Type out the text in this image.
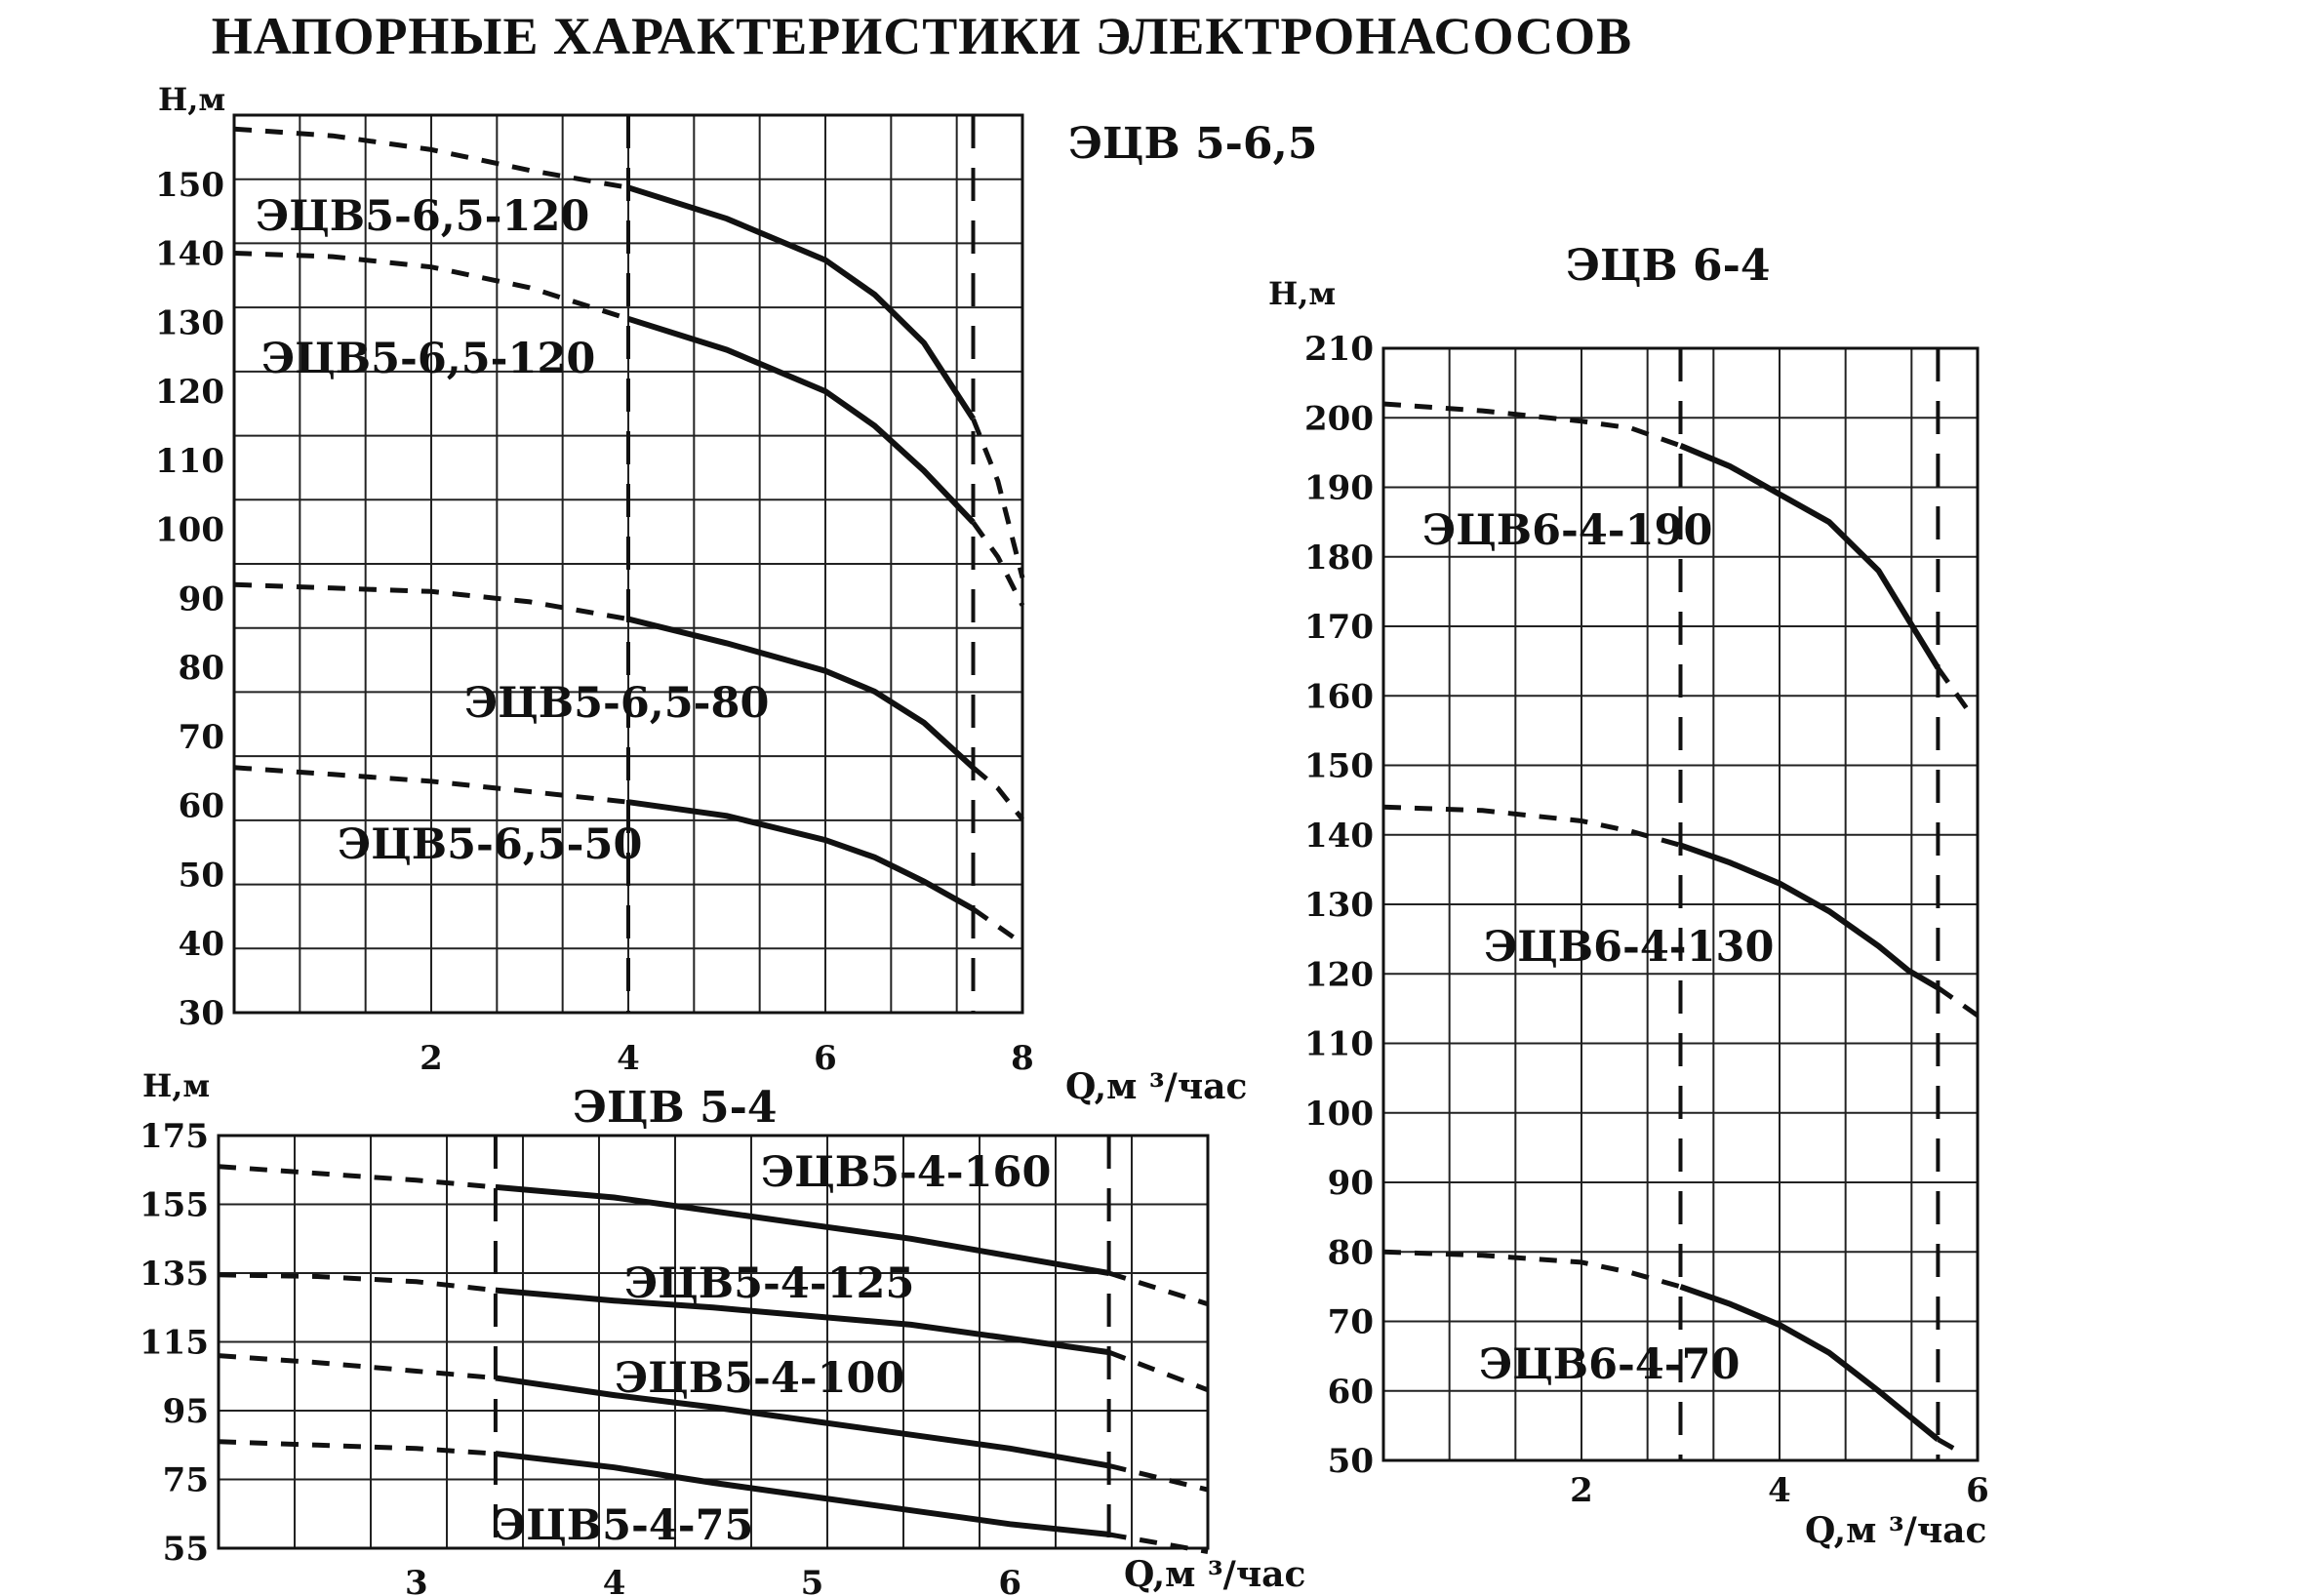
НАПОРНЫЕ ХАРАКТЕРИСТИКИ ЭЛЕКТРОНАСОСОВ
30
40
50
60
70
80
90
100
110
120
130
140
150
2	4	6	8
Н,м
Q,м ³/час
ЭЦВ 5-6,5
ЭЦВ5-6,5-120
ЭЦВ5-6,5-120
ЭЦВ5-6,5-80
ЭЦВ5-6,5-50
50
60
70
80
90
100
110
120
130
140
150
160
170
180
190
200
210
2	4	6
Н,м
Q,м ³/час
ЭЦВ 6-4
ЭЦВ6-4-190
ЭЦВ6-4-130
ЭЦВ6-4-70
55
75
95
115
135
155
175
3	4	5	6
Н,м
Q,м ³/час
ЭЦВ 5-4
ЭЦВ5-4-160
ЭЦВ5-4-125
ЭЦВ5-4-100
ЭЦВ5-4-75
